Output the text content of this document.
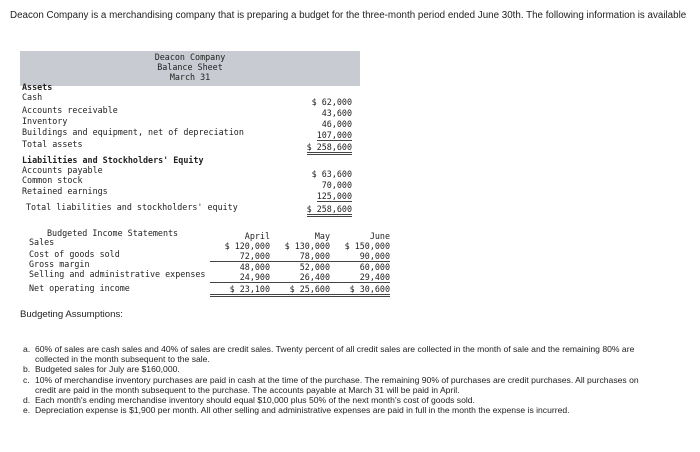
Deacon Company is a merchandising company that is preparing a budget for the three-month period ended June 30th. The following information is available
Deacon Company
Balance Sheet
March 31
Assets
Cash	$ 62,000
Accounts receivable	43,600
Inventory	46,000
Buildings and equipment, net of depreciation	107,000
Total assets	$ 258,600
Liabilities and Stockholders' Equity
Accounts payable	$ 63,600
Common stock	70,000
Retained earnings	125,000
Total liabilities and stockholders' equity	$ 258,600
Budgeted Income Statements	April	May	June
Sales	$ 120,000	$ 130,000	$ 150,000
Cost of goods sold	72,000	78,000	90,000
Gross margin	48,000	52,000	60,000
Selling and administrative expenses	24,900	26,400	29,400
Net operating income	$ 23,100	$ 25,600	$ 30,600
Budgeting Assumptions:
a. 60% of sales are cash sales and 40% of sales are credit sales. Twenty percent of all credit sales are collected in the month of sale and the remaining 80% are collected in the month subsequent to the sale.
b. Budgeted sales for July are $160,000.
c. 10% of merchandise inventory purchases are paid in cash at the time of the purchase. The remaining 90% of purchases are credit purchases. All purchases on credit are paid in the month subsequent to the purchase. The accounts payable at March 31 will be paid in April.
d. Each month's ending merchandise inventory should equal $10,000 plus 50% of the next month's cost of goods sold.
e. Depreciation expense is $1,900 per month. All other selling and administrative expenses are paid in full in the month the expense is incurred.
